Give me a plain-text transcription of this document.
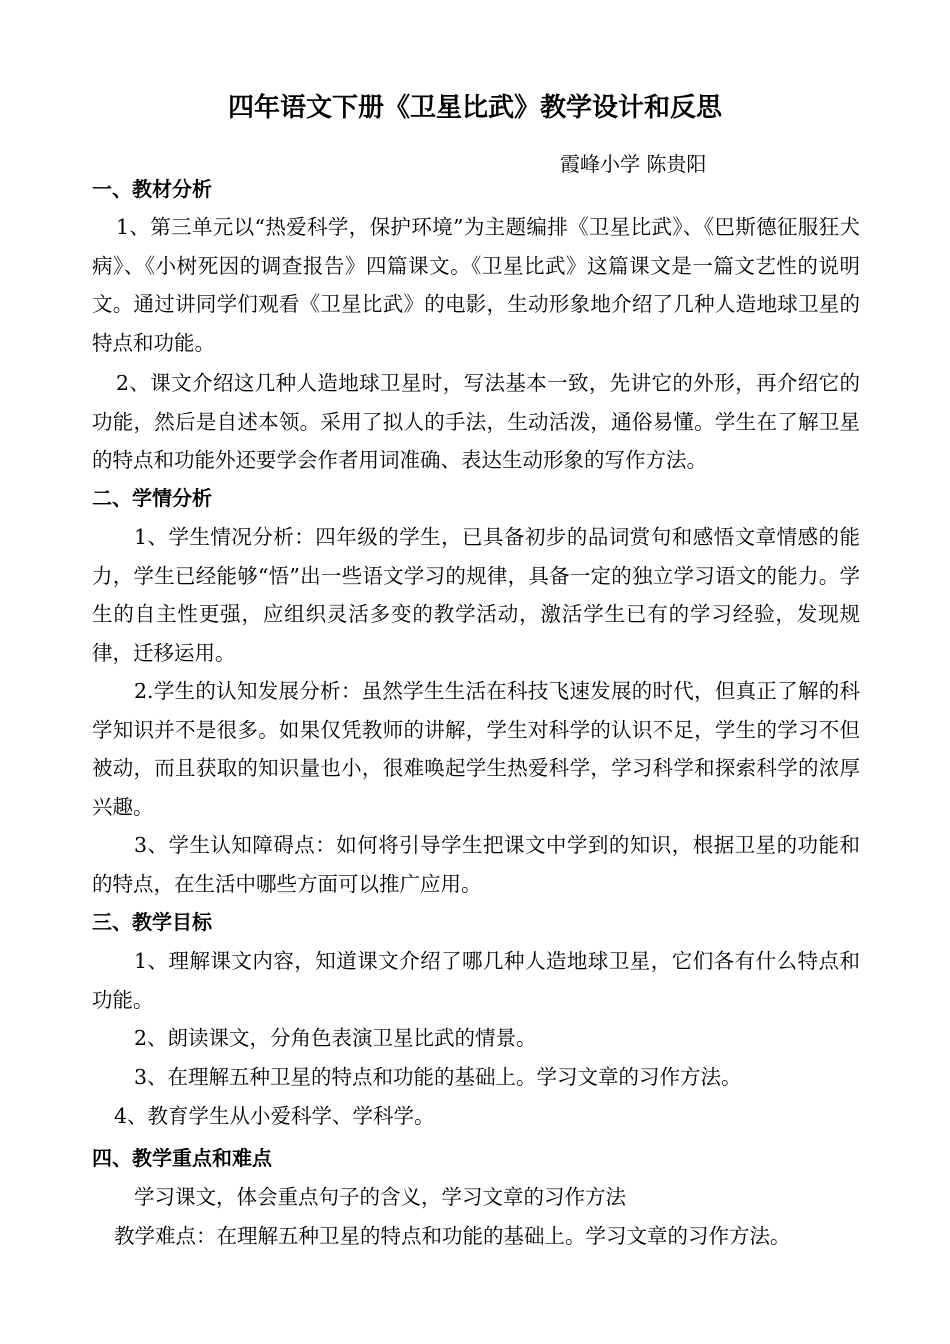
四年语文下册《卫星比武》教学设计和反思
霞峰小学 陈贵阳
一、教材分析

1、第三单元以“热爱科学，保护环境”为主题编排《卫星比武》、《巴斯德征服狂犬病》、《小树死因的调查报告》四篇课文。《卫星比武》这篇课文是一篇文艺性的说明文。通过讲同学们观看《卫星比武》的电影，生动形象地介绍了几种人造地球卫星的特点和功能。

2、课文介绍这几种人造地球卫星时，写法基本一致，先讲它的外形，再介绍它的功能，然后是自述本领。采用了拟人的手法，生动活泼，通俗易懂。学生在了解卫星的特点和功能外还要学会作者用词准确、表达生动形象的写作方法。

二、学情分析

1、学生情况分析：四年级的学生，已具备初步的品词赏句和感悟文章情感的能力，学生已经能够“悟”出一些语文学习的规律，具备一定的独立学习语文的能力。学生的自主性更强，应组织灵活多变的教学活动，激活学生已有的学习经验，发现规律，迁移运用。

2.学生的认知发展分析：虽然学生生活在科技飞速发展的时代，但真正了解的科学知识并不是很多。如果仅凭教师的讲解，学生对科学的认识不足，学生的学习不但被动，而且获取的知识量也小，很难唤起学生热爱科学，学习科学和探索科学的浓厚兴趣。

3、学生认知障碍点：如何将引导学生把课文中学到的知识，根据卫星的功能和的特点，在生活中哪些方面可以推广应用。

三、教学目标

1、理解课文内容，知道课文介绍了哪几种人造地球卫星，它们各有什么特点和功能。

2、朗读课文，分角色表演卫星比武的情景。
3、在理解五种卫星的特点和功能的基础上。学习文章的习作方法。
4、教育学生从小爱科学、学科学。
四、教学重点和难点
学习课文，体会重点句子的含义，学习文章的习作方法
教学难点：在理解五种卫星的特点和功能的基础上。学习文章的习作方法。
